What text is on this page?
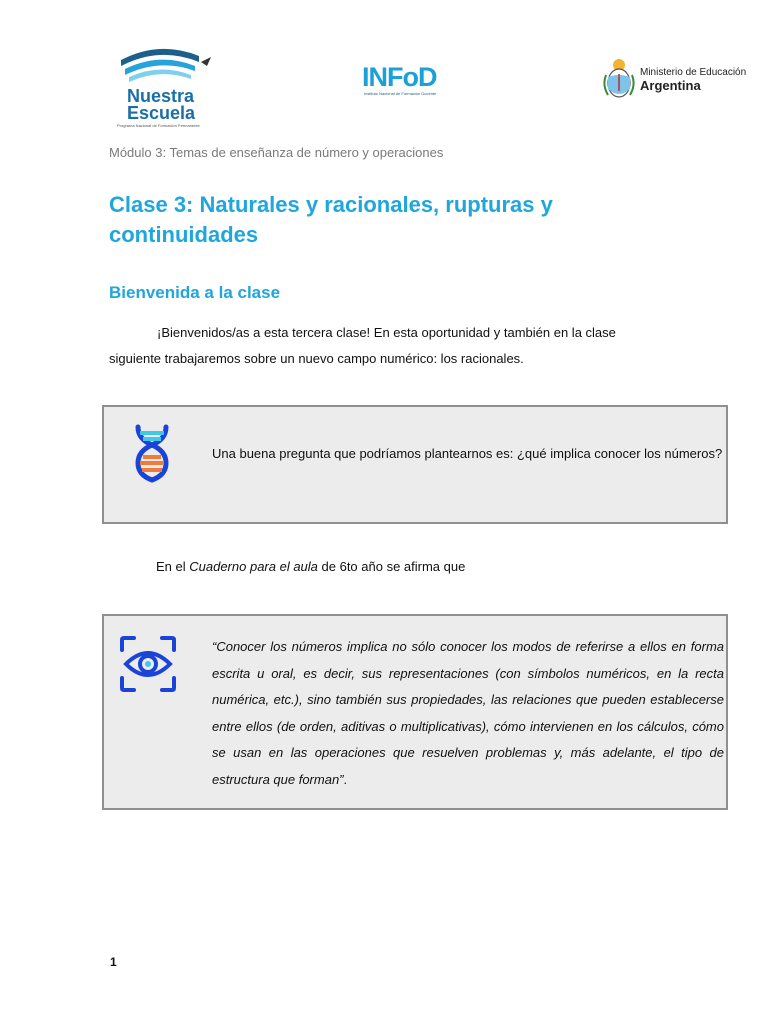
Nuestra
Escuela
Programa Nacional de Formación Permanente
INFoD
Instituto Nacional de Formación Docente
Ministerio de Educación
Argentina
Módulo 3: Temas de enseñanza de número y operaciones
Clase 3: Naturales y racionales, rupturas y continuidades
Bienvenida a la clase
¡Bienvenidos/as a esta tercera clase! En esta oportunidad y también en la clase siguiente trabajaremos sobre un nuevo campo numérico: los racionales.
Una buena pregunta que podríamos plantearnos es: ¿qué implica conocer los números?
En el Cuaderno para el aula de 6to año se afirma que
“Conocer los números implica no sólo conocer los modos de referirse a ellos en forma escrita u oral, es decir, sus representaciones (con símbolos numéricos, en la recta numérica, etc.), sino también sus propiedades, las relaciones que pueden establecerse entre ellos (de orden, aditivas o multiplicativas), cómo intervienen en los cálculos, cómo se usan en las operaciones que resuelven problemas y, más adelante, el tipo de estructura que forman”.
1
